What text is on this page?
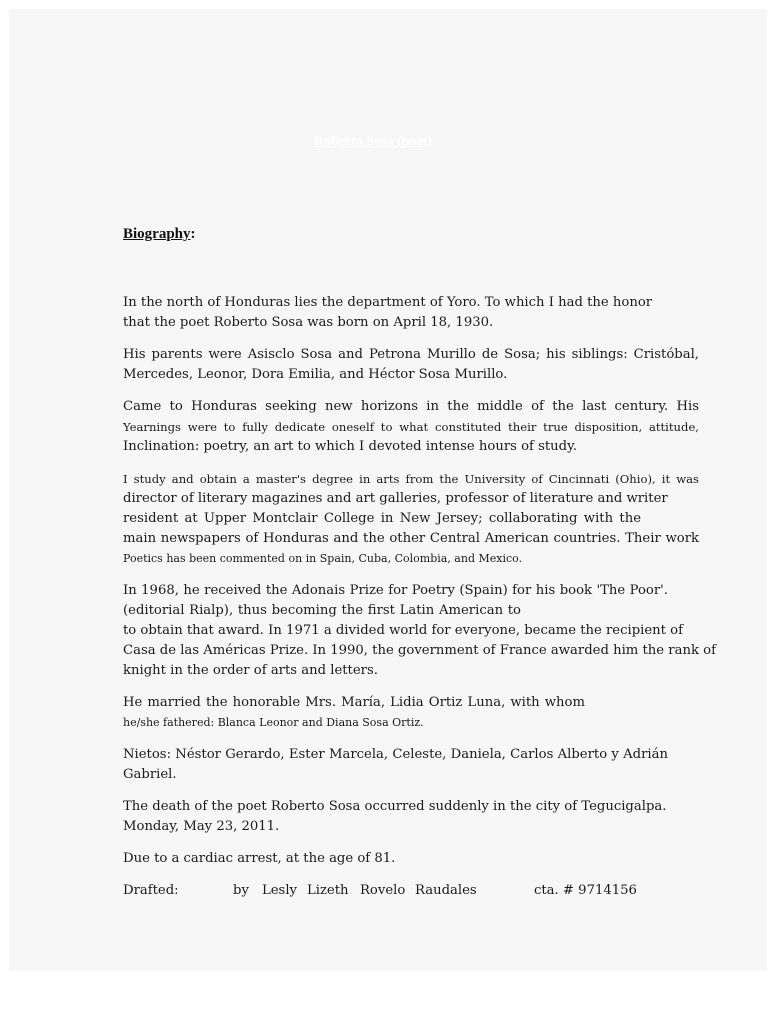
Roberto Sosa (poet)
Biography:
In the north of Honduras lies the department of Yoro. To which I had the honor
that the poet Roberto Sosa was born on April 18, 1930.
His parents were Asisclo Sosa and Petrona Murillo de Sosa; his siblings: Cristóbal,
Mercedes, Leonor, Dora Emilia, and Héctor Sosa Murillo.
Came to Honduras seeking new horizons in the middle of the last century. His
Yearnings were to fully dedicate oneself to what constituted their true disposition, attitude,
Inclination: poetry, an art to which I devoted intense hours of study.
I study and obtain a master's degree in arts from the University of Cincinnati (Ohio), it was
director of literary magazines and art galleries, professor of literature and writer
resident at Upper Montclair College in New Jersey; collaborating with the
main newspapers of Honduras and the other Central American countries. Their work
Poetics has been commented on in Spain, Cuba, Colombia, and Mexico.
In 1968, he received the Adonais Prize for Poetry (Spain) for his book 'The Poor'.
(editorial Rialp), thus becoming the first Latin American to
to obtain that award. In 1971 a divided world for everyone, became the recipient of
Casa de las Américas Prize. In 1990, the government of France awarded him the rank of
knight in the order of arts and letters.
He married the honorable Mrs. María, Lidia Ortiz Luna, with whom
he/she fathered: Blanca Leonor and Diana Sosa Ortiz.
Nietos: Néstor Gerardo, Ester Marcela, Celeste, Daniela, Carlos Alberto y Adrián
Gabriel.
The death of the poet Roberto Sosa occurred suddenly in the city of Tegucigalpa.
Monday, May 23, 2011.
Due to a cardiac arrest, at the age of 81.
Drafted:	by Lesly Lizeth Rovelo Raudales	cta. # 9714156
